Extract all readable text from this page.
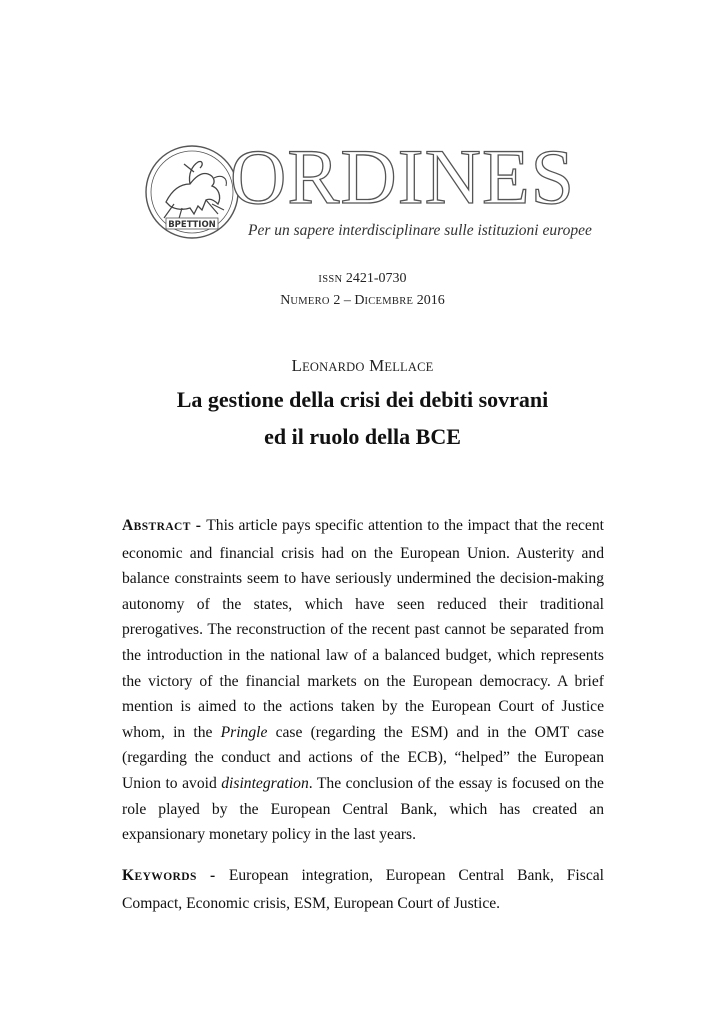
ΒΡΕΤΤΙΟΝ
ORDINES
Per un sapere interdisciplinare sulle istituzioni europee
ISSN 2421-0730
NUMERO 2 – DICEMBRE 2016
LEONARDO MELLACE
La gestione della crisi dei debiti sovrani
ed il ruolo della BCE
ABSTRACT - This article pays specific attention to the impact that the recent economic and financial crisis had on the European Union. Austerity and balance constraints seem to have seriously undermined the decision-making autonomy of the states, which have seen reduced their traditional prerogatives. The reconstruction of the recent past cannot be separated from the introduction in the national law of a balanced budget, which represents the victory of the financial markets on the European democracy. A brief mention is aimed to the actions taken by the European Court of Justice whom, in the Pringle case (regarding the ESM) and in the OMT case (regarding the conduct and actions of the ECB), “helped” the European Union to avoid disintegration. The conclusion of the essay is focused on the role played by the European Central Bank, which has created an expansionary monetary policy in the last years.
KEYWORDS - European integration, European Central Bank, Fiscal Compact, Economic crisis, ESM, European Court of Justice.
